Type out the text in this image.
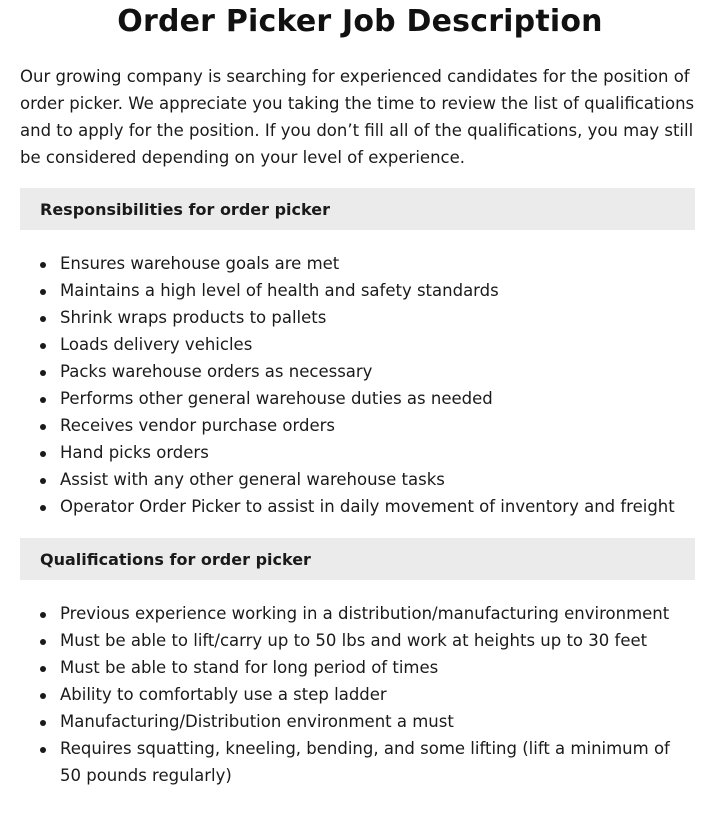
Order Picker Job Description

Our growing company is searching for experienced candidates for the position of order picker. We appreciate you taking the time to review the list of qualifications and to apply for the position. If you don’t fill all of the qualifications, you may still be considered depending on your level of experience.

Responsibilities for order picker
Ensures warehouse goals are met
Maintains a high level of health and safety standards
Shrink wraps products to pallets
Loads delivery vehicles
Packs warehouse orders as necessary
Performs other general warehouse duties as needed
Receives vendor purchase orders
Hand picks orders
Assist with any other general warehouse tasks
Operator Order Picker to assist in daily movement of inventory and freight
Qualifications for order picker
Previous experience working in a distribution/manufacturing environment
Must be able to lift/carry up to 50 lbs and work at heights up to 30 feet
Must be able to stand for long period of times
Ability to comfortably use a step ladder
Manufacturing/Distribution environment a must
Requires squatting, kneeling, bending, and some lifting (lift a minimum of 50 pounds regularly)
